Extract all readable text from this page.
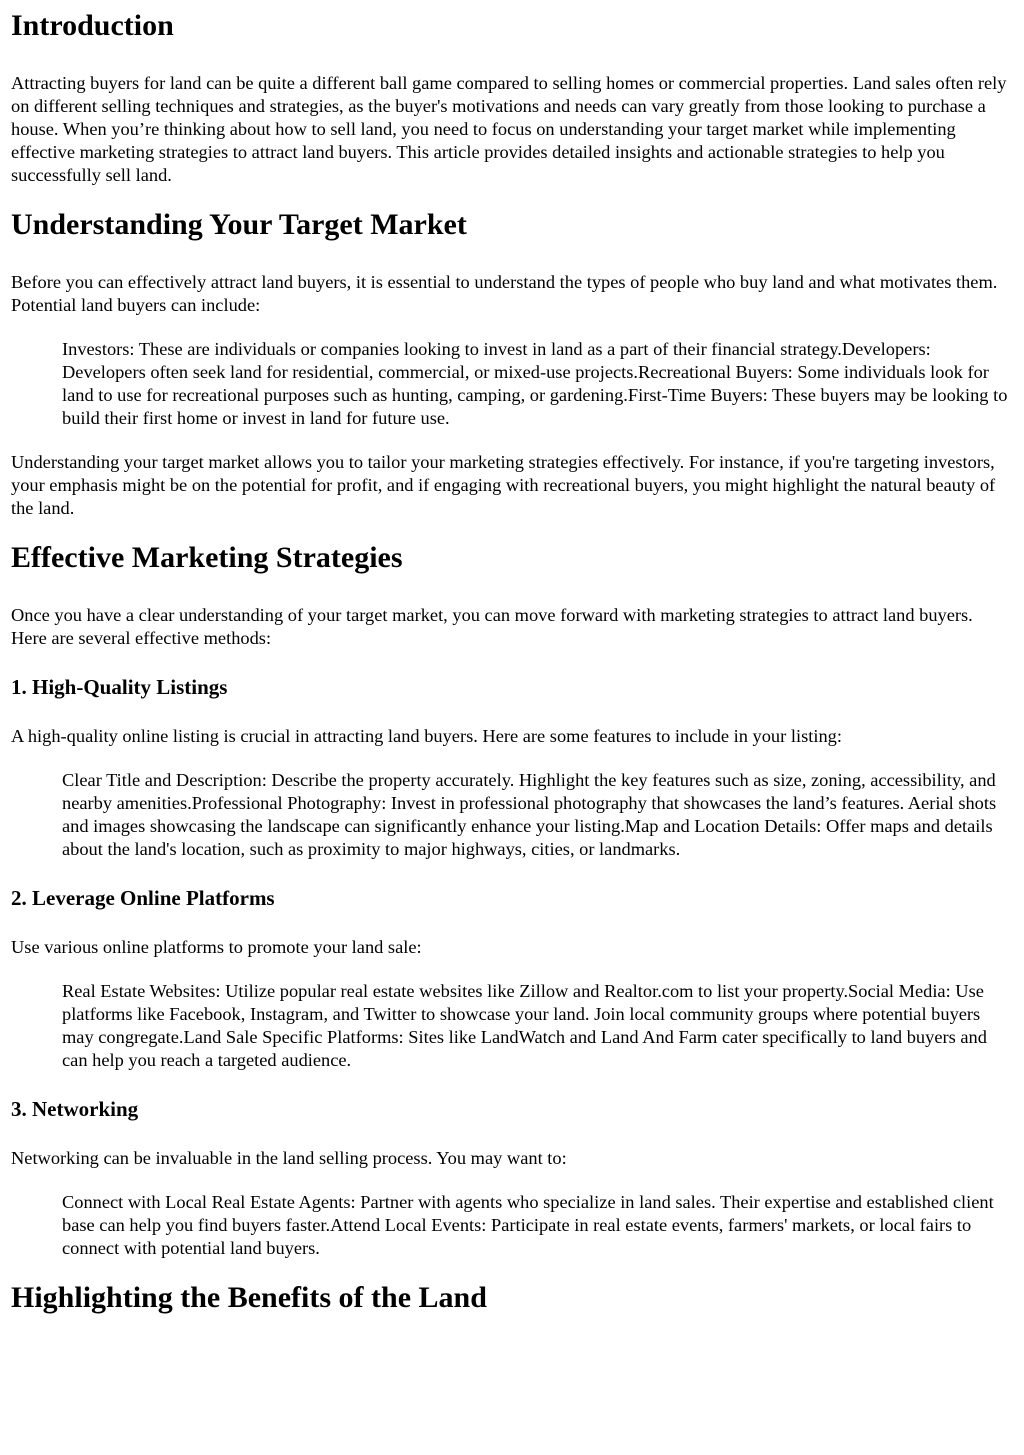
Introduction

Attracting buyers for land can be quite a different ball game compared to selling homes or commercial properties. Land sales often rely on different selling techniques and strategies, as the buyer's motivations and needs can vary greatly from those looking to purchase a house. When you’re thinking about how to sell land, you need to focus on understanding your target market while implementing effective marketing strategies to attract land buyers. This article provides detailed insights and actionable strategies to help you successfully sell land.

Understanding Your Target Market

Before you can effectively attract land buyers, it is essential to understand the types of people who buy land and what motivates them. Potential land buyers can include:

Investors: These are individuals or companies looking to invest in land as a part of their financial strategy.Developers: Developers often seek land for residential, commercial, or mixed-use projects.Recreational Buyers: Some individuals look for land to use for recreational purposes such as hunting, camping, or gardening.First-Time Buyers: These buyers may be looking to build their first home or invest in land for future use.

Understanding your target market allows you to tailor your marketing strategies effectively. For instance, if you're targeting investors, your emphasis might be on the potential for profit, and if engaging with recreational buyers, you might highlight the natural beauty of the land.

Effective Marketing Strategies

Once you have a clear understanding of your target market, you can move forward with marketing strategies to attract land buyers. Here are several effective methods:

1. High-Quality Listings

A high-quality online listing is crucial in attracting land buyers. Here are some features to include in your listing:

Clear Title and Description: Describe the property accurately. Highlight the key features such as size, zoning, accessibility, and nearby amenities.Professional Photography: Invest in professional photography that showcases the land’s features. Aerial shots and images showcasing the landscape can significantly enhance your listing.Map and Location Details: Offer maps and details about the land's location, such as proximity to major highways, cities, or landmarks.
2. Leverage Online Platforms

Use various online platforms to promote your land sale:

Real Estate Websites: Utilize popular real estate websites like Zillow and Realtor.com to list your property.Social Media: Use platforms like Facebook, Instagram, and Twitter to showcase your land. Join local community groups where potential buyers may congregate.Land Sale Specific Platforms: Sites like LandWatch and Land And Farm cater specifically to land buyers and can help you reach a targeted audience.
3. Networking

Networking can be invaluable in the land selling process. You may want to:

Connect with Local Real Estate Agents: Partner with agents who specialize in land sales. Their expertise and established client base can help you find buyers faster.Attend Local Events: Participate in real estate events, farmers' markets, or local fairs to connect with potential land buyers.
Highlighting the Benefits of the Land
